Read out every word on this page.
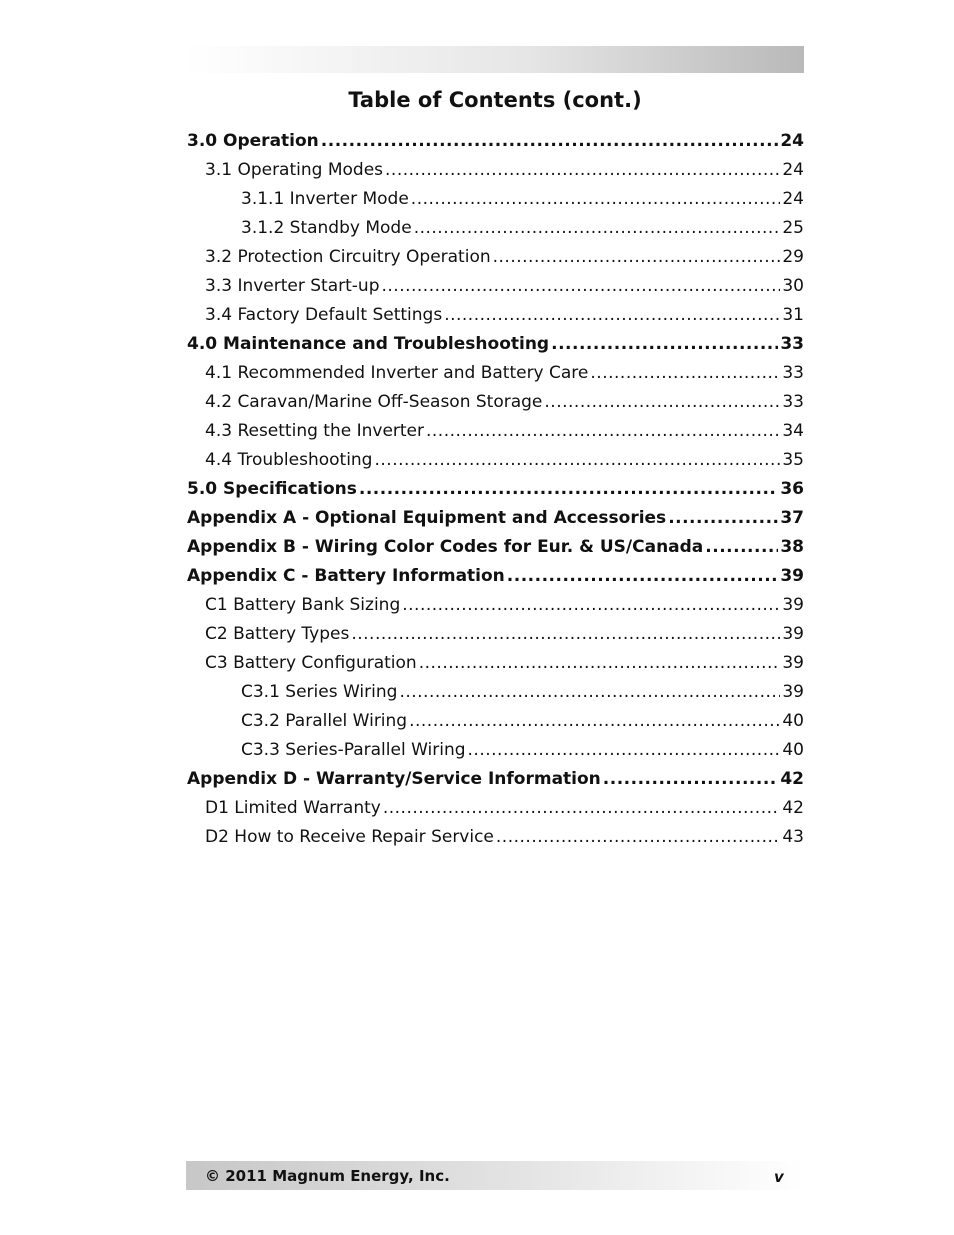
Table of Contents (cont.)
3.0 Operation .....	24
3.1 Operating Modes .....	24
3.1.1 Inverter Mode .....	24
3.1.2 Standby Mode .....	25
3.2 Protection Circuitry Operation .....	29
3.3 Inverter Start-up .....	30
3.4 Factory Default Settings .....	31
4.0 Maintenance and Troubleshooting .....	33
4.1 Recommended Inverter and Battery Care .....	33
4.2 Caravan/Marine Off-Season Storage .....	33
4.3 Resetting the Inverter .....	34
4.4 Troubleshooting .....	35
5.0 Specifications .....	36
Appendix A - Optional Equipment and Accessories .....	37
Appendix B - Wiring Color Codes for Eur. & US/Canada .....	38
Appendix C - Battery Information .....	39
C1 Battery Bank Sizing .....	39
C2 Battery Types .....	39
C3 Battery Configuration .....	39
C3.1 Series Wiring .....	39
C3.2 Parallel Wiring .....	40
C3.3 Series-Parallel Wiring .....	40
Appendix D - Warranty/Service Information .....	42
D1 Limited Warranty .....	42
D2 How to Receive Repair Service .....	43
© 2011 Magnum Energy, Inc.	v
